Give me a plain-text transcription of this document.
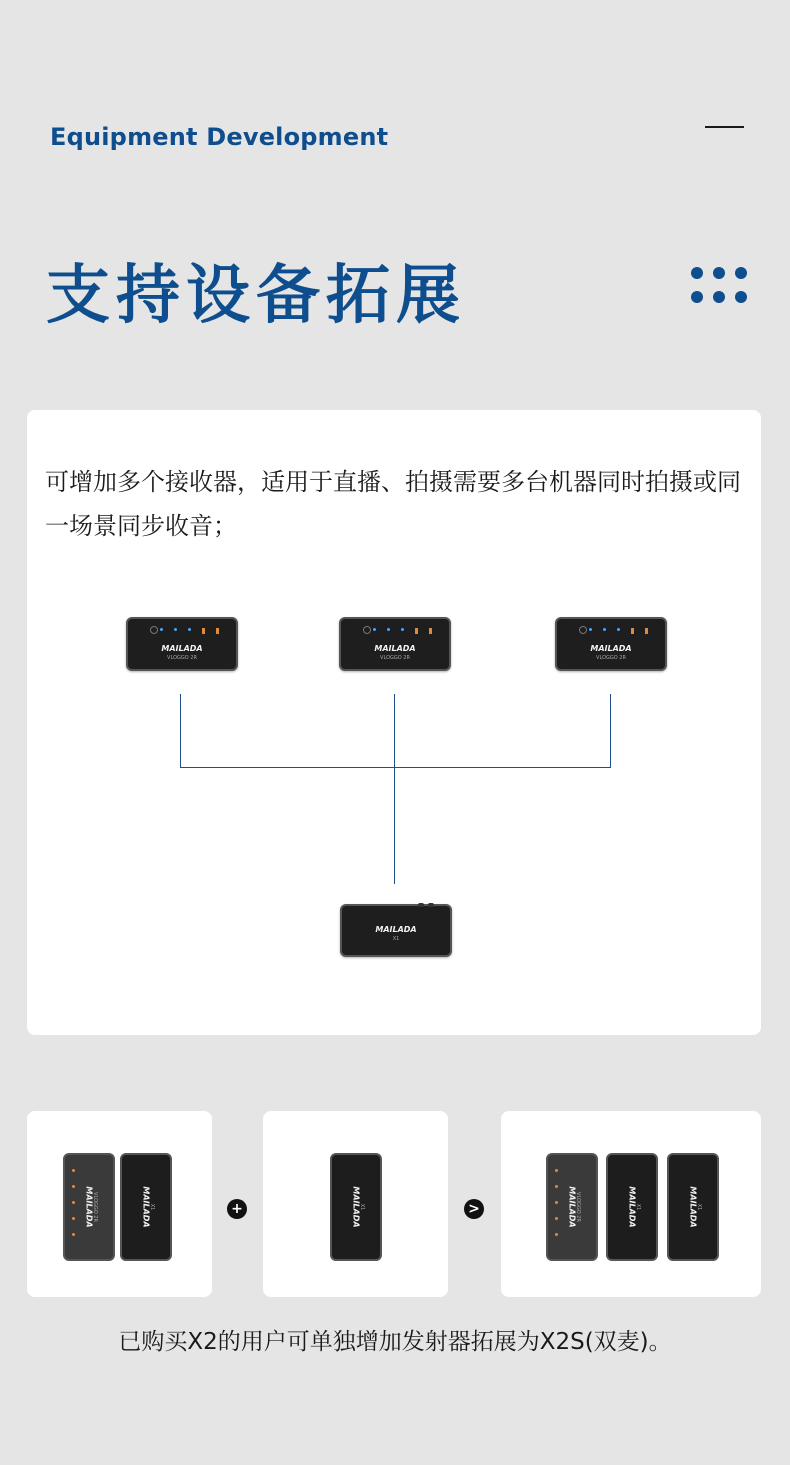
Equipment Development
支持设备拓展
可增加多个接收器，适用于直播、拍摄需要多台机器同时拍摄或同一场景同步收音；
MAILADA
VLOGGO 2R
MAILADA
VLOGGO 2R
MAILADA
VLOGGO 2R
MAILADA
X1
MAILADA
VLOGGO 2R	MAILADA
X1	+	MAILADA
X1	>	MAILADA
VLOGGO 2R	MAILADA
X1	MAILADA
X1
已购买X2的用户可单独增加发射器拓展为X2S(双麦)。
